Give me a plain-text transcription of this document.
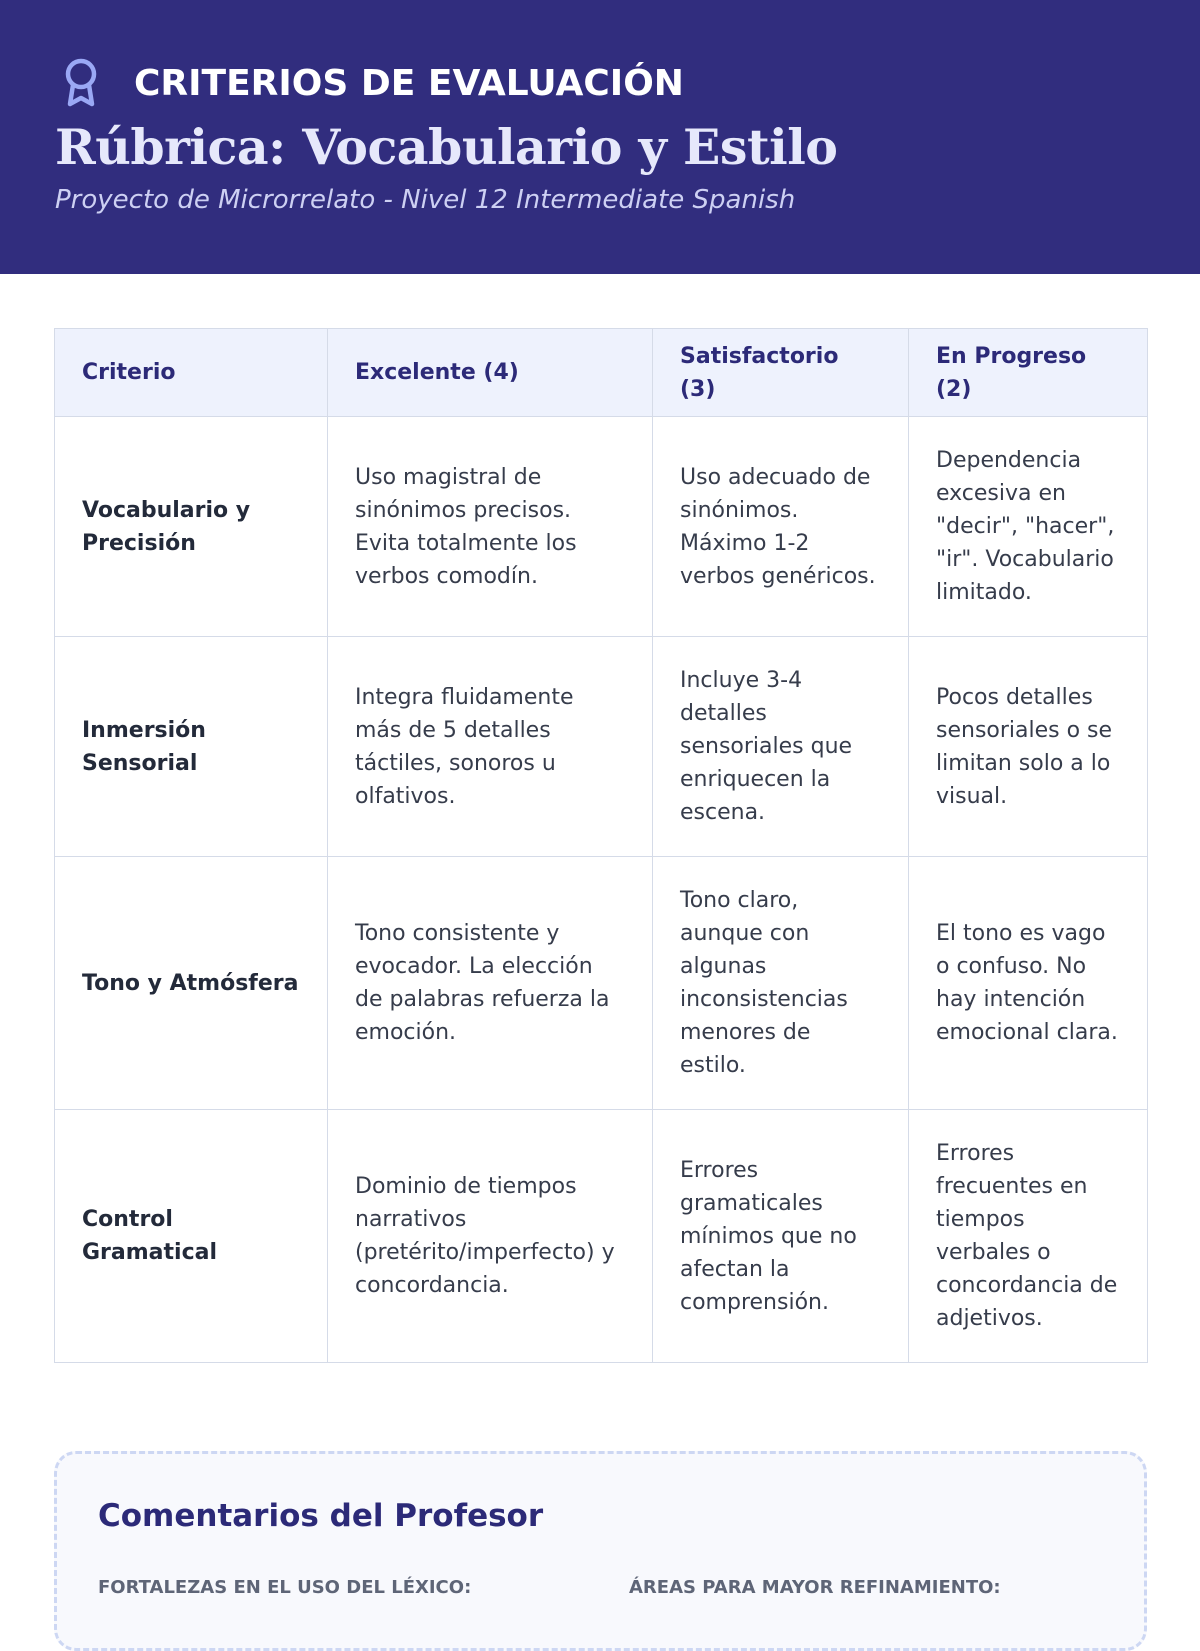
CRITERIOS DE EVALUACIÓN
Rúbrica: Vocabulario y Estilo
Proyecto de Microrrelato - Nivel 12 Intermediate Spanish
Criterio	Excelente (4)	Satisfactorio (3)	En Progreso (2)
Vocabulario y Precisión	Uso magistral de sinónimos precisos. Evita totalmente los verbos comodín.	Uso adecuado de sinónimos. Máximo 1-2 verbos genéricos.	Dependencia excesiva en "decir", "hacer", "ir". Vocabulario limitado.
Inmersión Sensorial	Integra fluidamente más de 5 detalles táctiles, sonoros u olfativos.	Incluye 3-4 detalles sensoriales que enriquecen la escena.	Pocos detalles sensoriales o se limitan solo a lo visual.
Tono y Atmósfera	Tono consistente y evocador. La elección de palabras refuerza la emoción.	Tono claro, aunque con algunas inconsistencias menores de estilo.	El tono es vago o confuso. No hay intención emocional clara.
Control Gramatical	Dominio de tiempos narrativos (pretérito/imperfecto) y concordancia.	Errores gramaticales mínimos que no afectan la comprensión.	Errores frecuentes en tiempos verbales o concordancia de adjetivos.
Comentarios del Profesor
FORTALEZAS EN EL USO DEL LÉXICO:	ÁREAS PARA MAYOR REFINAMIENTO:
